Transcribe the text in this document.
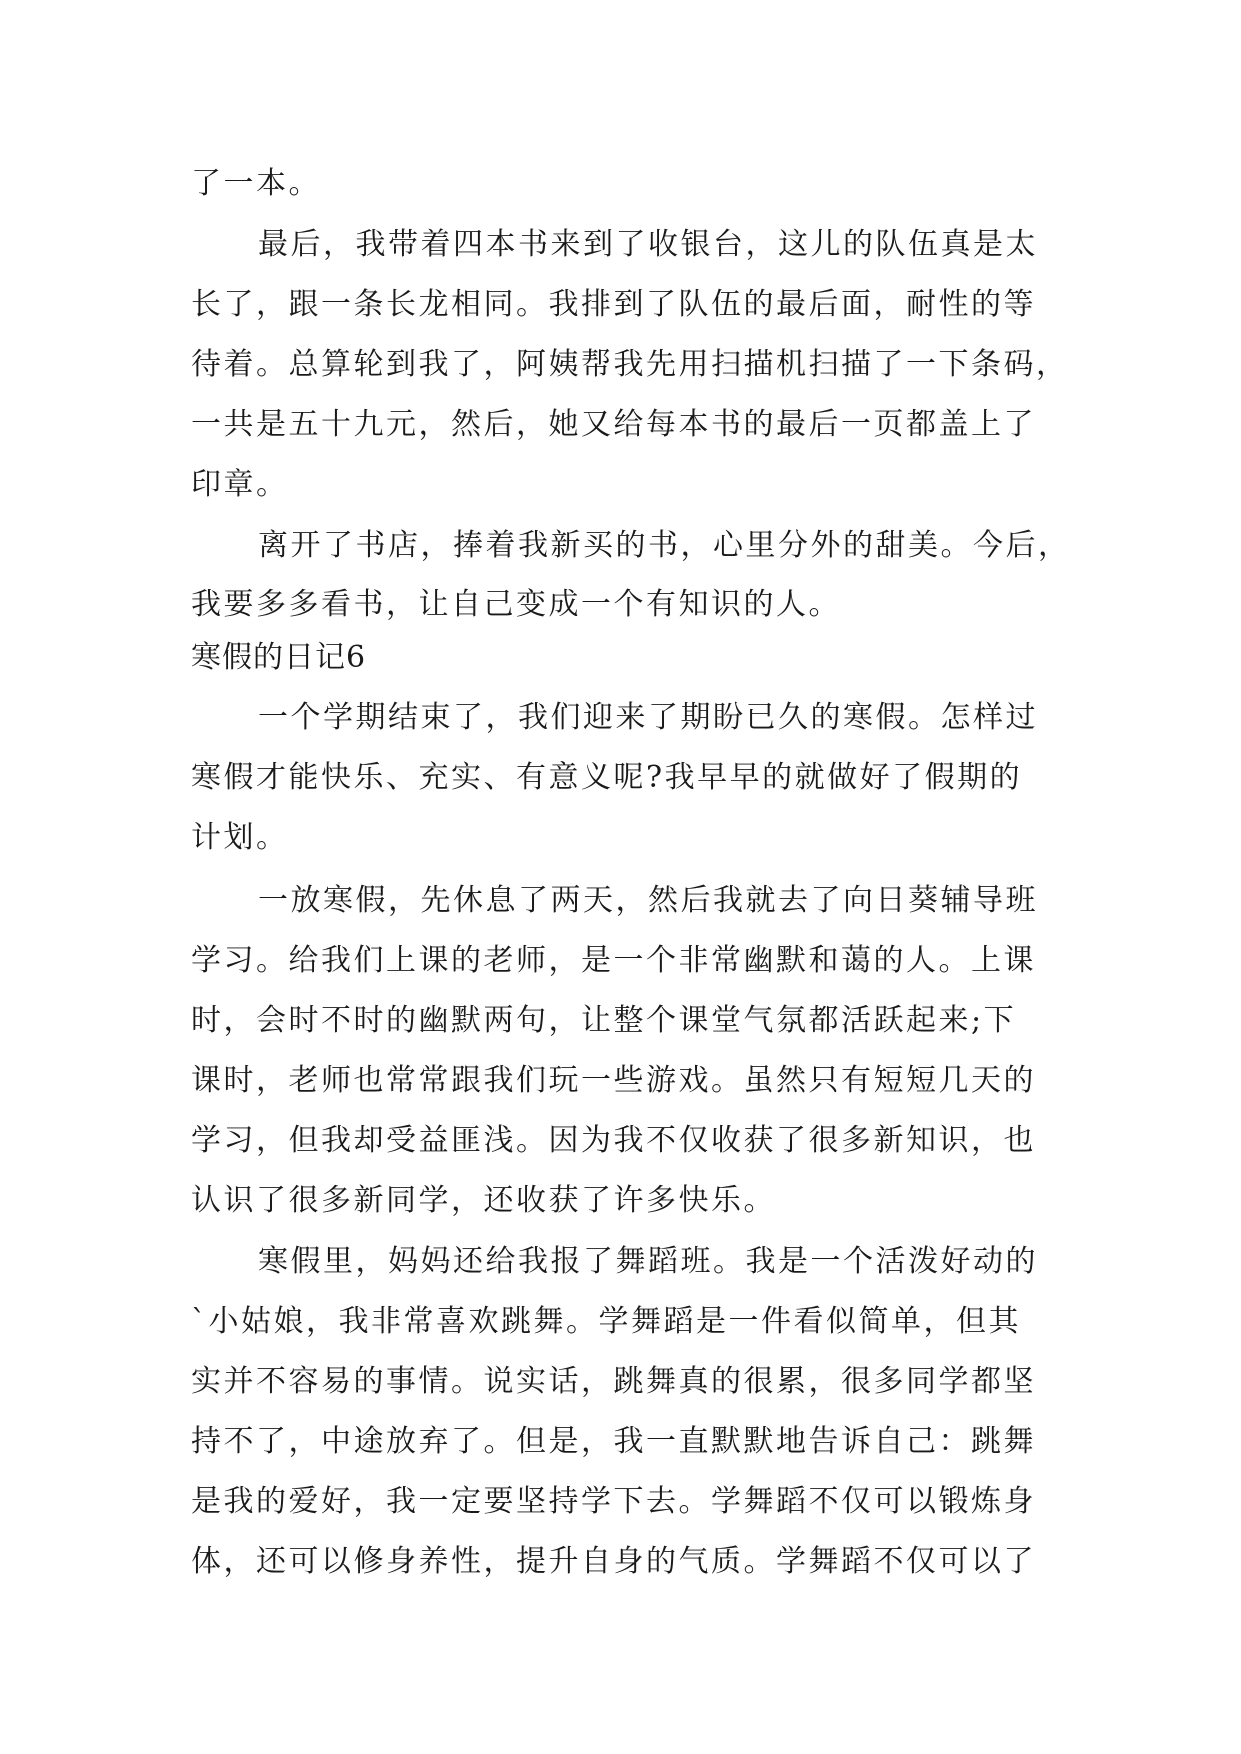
了一本。
最后，我带着四本书来到了收银台，这儿的队伍真是太
长了，跟一条长龙相同。我排到了队伍的最后面，耐性的等
待着。总算轮到我了，阿姨帮我先用扫描机扫描了一下条码，
一共是五十九元，然后，她又给每本书的最后一页都盖上了
印章。
离开了书店，捧着我新买的书，心里分外的甜美。今后，
我要多多看书，让自己变成一个有知识的人。
寒假的日记6
一个学期结束了，我们迎来了期盼已久的寒假。怎样过
寒假才能快乐、充实、有意义呢?我早早的就做好了假期的
计划。
一放寒假，先休息了两天，然后我就去了向日葵辅导班
学习。给我们上课的老师，是一个非常幽默和蔼的人。上课
时，会时不时的幽默两句，让整个课堂气氛都活跃起来;下
课时，老师也常常跟我们玩一些游戏。虽然只有短短几天的
学习，但我却受益匪浅。因为我不仅收获了很多新知识，也
认识了很多新同学，还收获了许多快乐。
寒假里，妈妈还给我报了舞蹈班。我是一个活泼好动的
`小姑娘，我非常喜欢跳舞。学舞蹈是一件看似简单，但其
实并不容易的事情。说实话，跳舞真的很累，很多同学都坚
持不了，中途放弃了。但是，我一直默默地告诉自己：跳舞
是我的爱好，我一定要坚持学下去。学舞蹈不仅可以锻炼身
体，还可以修身养性，提升自身的气质。学舞蹈不仅可以了
